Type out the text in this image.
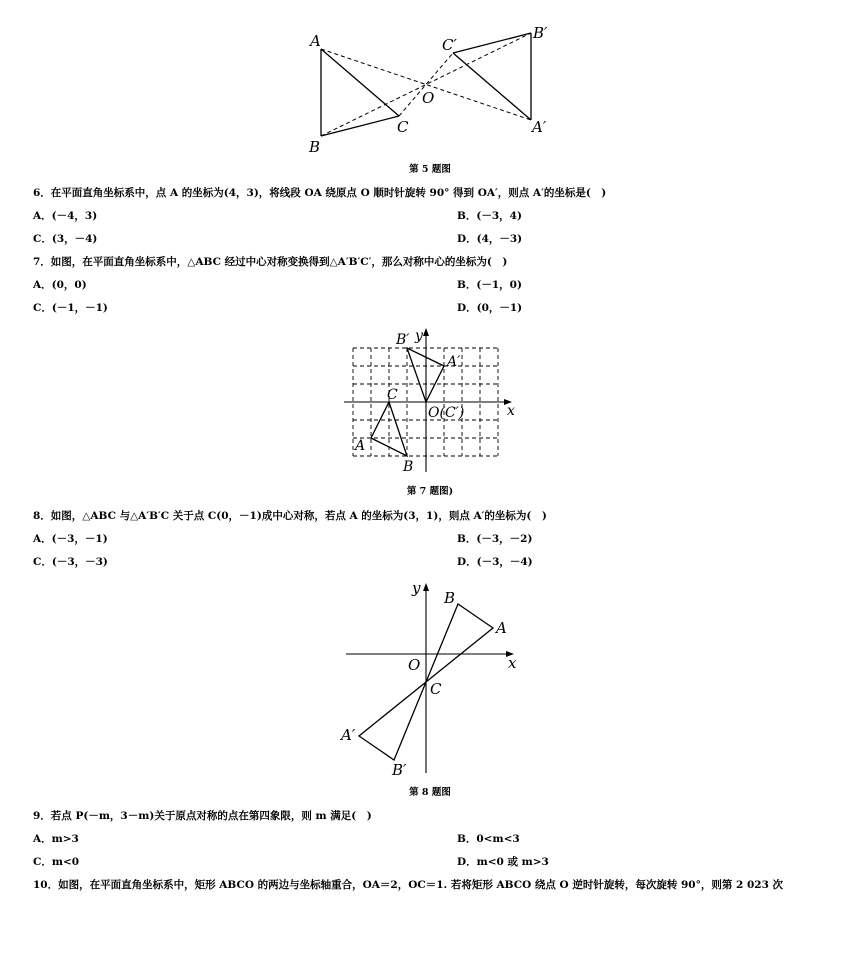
A
B
C
O
C′
B′
A′
第 5 题图
6．在平面直角坐标系中，点 A 的坐标为(4，3)，将线段 OA 绕原点 O 顺时针旋转 90° 得到 OA′，则点 A′的坐标是(　)
A．(－4，3)	B．(－3，4)
C．(3，－4)	D．(4，－3)
7．如图，在平面直角坐标系中，△ABC 经过中心对称变换得到△A′B′C′，那么对称中心的坐标为(　)
A．(0，0)	B．(－1，0)
C．(－1，－1)	D．(0，－1)
B′ y
A′
C
O(C′)	x
A
B
第 7 题图)
8．如图，△ABC 与△A′B′C 关于点 C(0，－1)成中心对称，若点 A 的坐标为(3，1)，则点 A′的坐标为(　)
A．(－3，－1)	B．(－3，－2)
C．(－3，－3)	D．(－3，－4)
y
B
A
O	x
C
A′
B′
第 8 题图
9．若点 P(－m，3－m)关于原点对称的点在第四象限，则 m 满足(　)
A．m>3	B．0<m<3
C．m<0	D．m<0 或 m>3
10．如图，在平面直角坐标系中，矩形 ABCO 的两边与坐标轴重合，OA＝2，OC＝1. 若将矩形 ABCO 绕点 O 逆时针旋转，每次旋转 90°，则第 2 023 次
